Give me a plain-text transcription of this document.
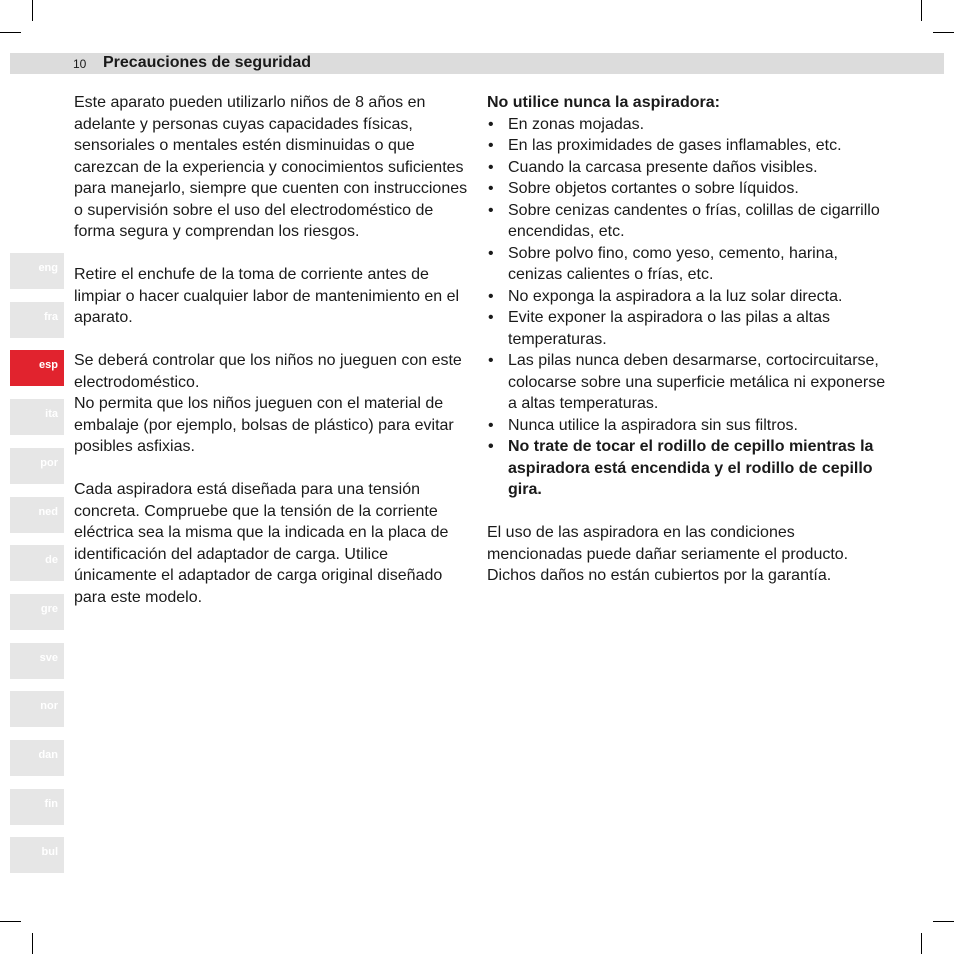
10 Precauciones de seguridad

Este aparato pueden utilizarlo niños de 8 años en adelante y personas cuyas capacidades físicas, sensoriales o mentales estén disminuidas o que carezcan de la experiencia y conocimientos suficientes para manejarlo, siempre que cuenten con instrucciones o supervisión sobre el uso del electrodoméstico de forma segura y comprendan los riesgos.

Retire el enchufe de la toma de corriente antes de limpiar o hacer cualquier labor de mantenimiento en el aparato.

Se deberá controlar que los niños no jueguen con este electrodoméstico.

No permita que los niños jueguen con el material de embalaje (por ejemplo, bolsas de plástico) para evitar posibles asfixias.

Cada aspiradora está diseñada para una tensión concreta. Compruebe que la tensión de la corriente eléctrica sea la misma que la indicada en la placa de identificación del adaptador de carga. Utilice únicamente el adaptador de carga original diseñado para este modelo.

No utilice nunca la aspiradora:

• En zonas mojadas.
• En las proximidades de gases inflamables, etc.
• Cuando la carcasa presente daños visibles.
• Sobre objetos cortantes o sobre líquidos.
• Sobre cenizas candentes o frías, colillas de cigarrillo encendidas, etc.
• Sobre polvo fino, como yeso, cemento, harina, cenizas calientes o frías, etc.
• No exponga la aspiradora a la luz solar directa.
• Evite exponer la aspiradora o las pilas a altas temperaturas.
• Las pilas nunca deben desarmarse, cortocircuitarse, colocarse sobre una superficie metálica ni exponerse a altas temperaturas.
• Nunca utilice la aspiradora sin sus filtros.
• No trate de tocar el rodillo de cepillo mientras la aspiradora está encendida y el rodillo de cepillo gira.

El uso de las aspiradora en las condiciones mencionadas puede dañar seriamente el producto. Dichos daños no están cubiertos por la garantía.

eng
fra
esp
ita
por
ned
de
gre
sve
nor
dan
fin
bul
